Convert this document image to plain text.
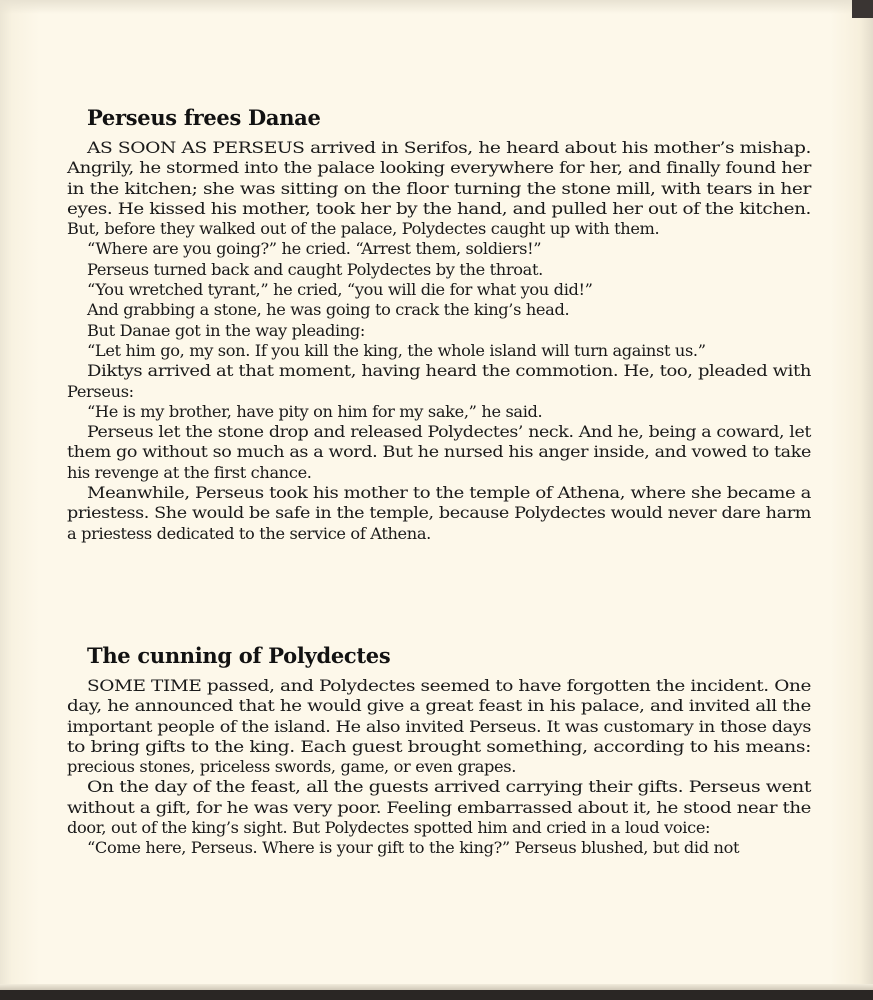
Perseus frees Danae
AS SOON AS PERSEUS arrived in Serifos, he heard about his mother’s mishap.
Angrily, he stormed into the palace looking everywhere for her, and finally found her
in the kitchen; she was sitting on the floor turning the stone mill, with tears in her
eyes. He kissed his mother, took her by the hand, and pulled her out of the kitchen.
But, before they walked out of the palace, Polydectes caught up with them.
“Where are you going?” he cried. “Arrest them, soldiers!”
Perseus turned back and caught Polydectes by the throat.
“You wretched tyrant,” he cried, “you will die for what you did!”
And grabbing a stone, he was going to crack the king’s head.
But Danae got in the way pleading:
“Let him go, my son. If you kill the king, the whole island will turn against us.”
Diktys arrived at that moment, having heard the commotion. He, too, pleaded with
Perseus:
“He is my brother, have pity on him for my sake,” he said.
Perseus let the stone drop and released Polydectes’ neck. And he, being a coward, let
them go without so much as a word. But he nursed his anger inside, and vowed to take
his revenge at the first chance.
Meanwhile, Perseus took his mother to the temple of Athena, where she became a
priestess. She would be safe in the temple, because Polydectes would never dare harm
a priestess dedicated to the service of Athena.
The cunning of Polydectes
SOME TIME passed, and Polydectes seemed to have forgotten the incident. One
day, he announced that he would give a great feast in his palace, and invited all the
important people of the island. He also invited Perseus. It was customary in those days
to bring gifts to the king. Each guest brought something, according to his means:
precious stones, priceless swords, game, or even grapes.
On the day of the feast, all the guests arrived carrying their gifts. Perseus went
without a gift, for he was very poor. Feeling embarrassed about it, he stood near the
door, out of the king’s sight. But Polydectes spotted him and cried in a loud voice:
“Come here, Perseus. Where is your gift to the king?” Perseus blushed, but did not
